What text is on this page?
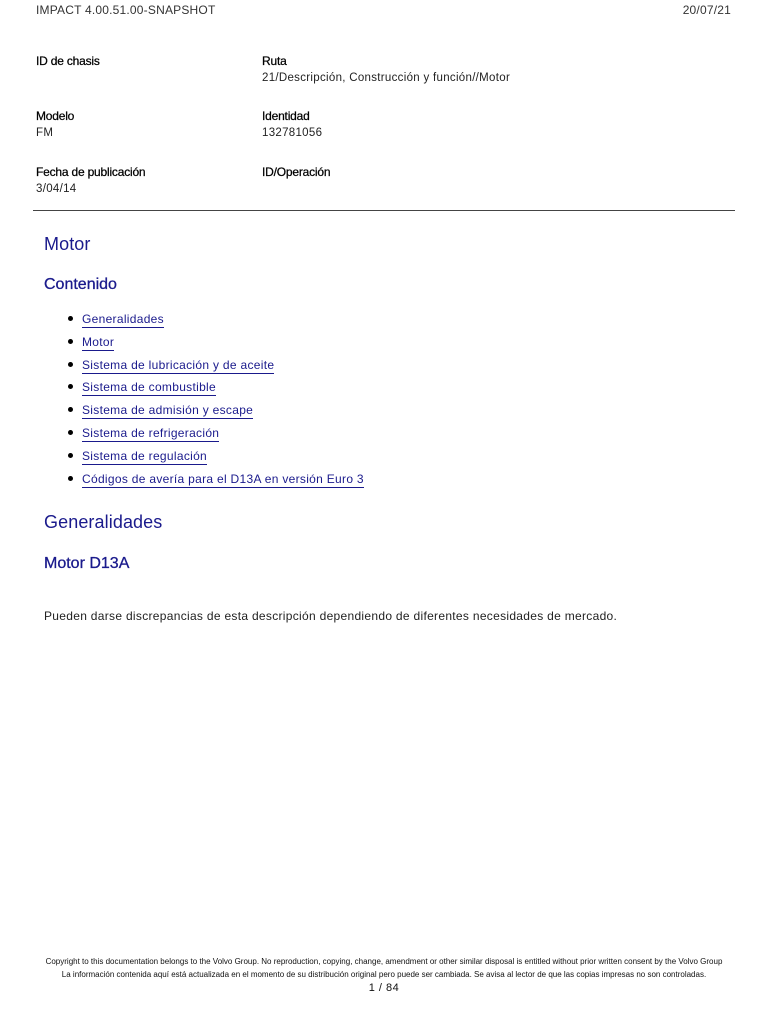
IMPACT 4.00.51.00-SNAPSHOT	20/07/21
ID de chasis	Ruta
21/Descripción, Construcción y función//Motor
Modelo
FM
Identidad
132781056
Fecha de publicación
3/04/14
ID/Operación
Motor
Contenido
Generalidades
Motor
Sistema de lubricación y de aceite
Sistema de combustible
Sistema de admisión y escape
Sistema de refrigeración
Sistema de regulación
Códigos de avería para el D13A en versión Euro 3
Generalidades
Motor D13A

Pueden darse discrepancias de esta descripción dependiendo de diferentes necesidades de mercado.

Copyright to this documentation belongs to the Volvo Group. No reproduction, copying, change, amendment or other similar disposal is entitled without prior written consent by the Volvo Group

La información contenida aquí está actualizada en el momento de su distribución original pero puede ser cambiada. Se avisa al lector de que las copias impresas no son controladas.

1 / 84
